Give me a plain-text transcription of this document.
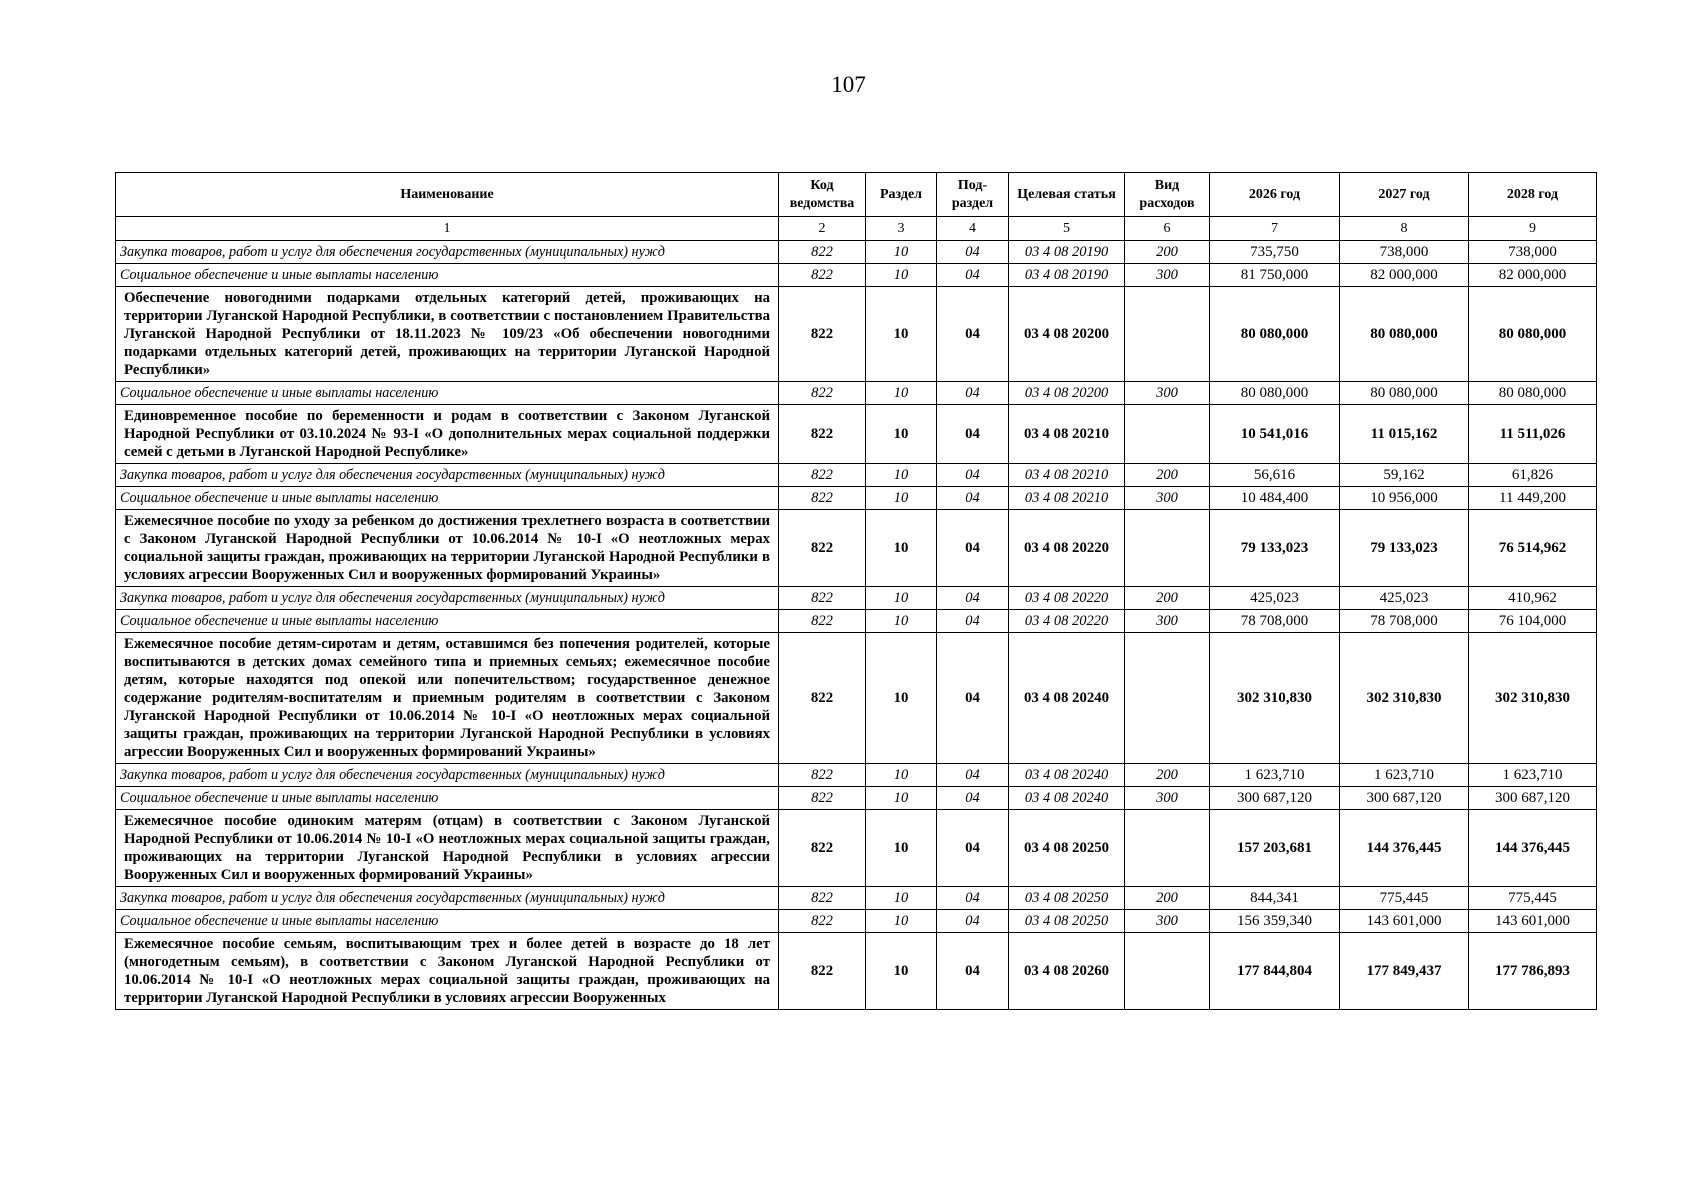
107
Наименование	Код ведомства	Раздел	Под-раздел	Целевая статья	Вид расходов	2026 год	2027 год	2028 год
1	2	3	4	5	6	7	8	9
Закупка товаров, работ и услуг для обеспечения государственных (муниципальных) нужд	822	10	04	03 4 08 20190	200	735,750	738,000	738,000
Социальное обеспечение и иные выплаты населению	822	10	04	03 4 08 20190	300	81 750,000	82 000,000	82 000,000
Обеспечение новогодними подарками отдельных категорий детей, проживающих на территории Луганской Народной Республики, в соответствии с постановлением Правительства Луганской Народной Республики от 18.11.2023 № 109/23 «Об обеспечении новогодними подарками отдельных категорий детей, проживающих на территории Луганской Народной Республики»	822	10	04	03 4 08 20200		80 080,000	80 080,000	80 080,000
Социальное обеспечение и иные выплаты населению	822	10	04	03 4 08 20200	300	80 080,000	80 080,000	80 080,000
Единовременное пособие по беременности и родам в соответствии с Законом Луганской Народной Республики от 03.10.2024 № 93-I «О дополнительных мерах социальной поддержки семей с детьми в Луганской Народной Республике»	822	10	04	03 4 08 20210		10 541,016	11 015,162	11 511,026
Закупка товаров, работ и услуг для обеспечения государственных (муниципальных) нужд	822	10	04	03 4 08 20210	200	56,616	59,162	61,826
Социальное обеспечение и иные выплаты населению	822	10	04	03 4 08 20210	300	10 484,400	10 956,000	11 449,200
Ежемесячное пособие по уходу за ребенком до достижения трехлетнего возраста в соответствии с Законом Луганской Народной Республики от 10.06.2014 № 10-I «О неотложных мерах социальной защиты граждан, проживающих на территории Луганской Народной Республики в условиях агрессии Вооруженных Сил и вооруженных формирований Украины»	822	10	04	03 4 08 20220		79 133,023	79 133,023	76 514,962
Закупка товаров, работ и услуг для обеспечения государственных (муниципальных) нужд	822	10	04	03 4 08 20220	200	425,023	425,023	410,962
Социальное обеспечение и иные выплаты населению	822	10	04	03 4 08 20220	300	78 708,000	78 708,000	76 104,000
Ежемесячное пособие детям-сиротам и детям, оставшимся без попечения родителей, которые воспитываются в детских домах семейного типа и приемных семьях; ежемесячное пособие детям, которые находятся под опекой или попечительством; государственное денежное содержание родителям-воспитателям и приемным родителям в соответствии с Законом Луганской Народной Республики от 10.06.2014 № 10-I «О неотложных мерах социальной защиты граждан, проживающих на территории Луганской Народной Республики в условиях агрессии Вооруженных Сил и вооруженных формирований Украины»	822	10	04	03 4 08 20240		302 310,830	302 310,830	302 310,830
Закупка товаров, работ и услуг для обеспечения государственных (муниципальных) нужд	822	10	04	03 4 08 20240	200	1 623,710	1 623,710	1 623,710
Социальное обеспечение и иные выплаты населению	822	10	04	03 4 08 20240	300	300 687,120	300 687,120	300 687,120
Ежемесячное пособие одиноким матерям (отцам) в соответствии с Законом Луганской Народной Республики от 10.06.2014 № 10-I «О неотложных мерах социальной защиты граждан, проживающих на территории Луганской Народной Республики в условиях агрессии Вооруженных Сил и вооруженных формирований Украины»	822	10	04	03 4 08 20250		157 203,681	144 376,445	144 376,445
Закупка товаров, работ и услуг для обеспечения государственных (муниципальных) нужд	822	10	04	03 4 08 20250	200	844,341	775,445	775,445
Социальное обеспечение и иные выплаты населению	822	10	04	03 4 08 20250	300	156 359,340	143 601,000	143 601,000
Ежемесячное пособие семьям, воспитывающим трех и более детей в возрасте до 18 лет (многодетным семьям), в соответствии с Законом Луганской Народной Республики от 10.06.2014 № 10-I «О неотложных мерах социальной защиты граждан, проживающих на территории Луганской Народной Республики в условиях агрессии Вооруженных	822	10	04	03 4 08 20260		177 844,804	177 849,437	177 786,893
